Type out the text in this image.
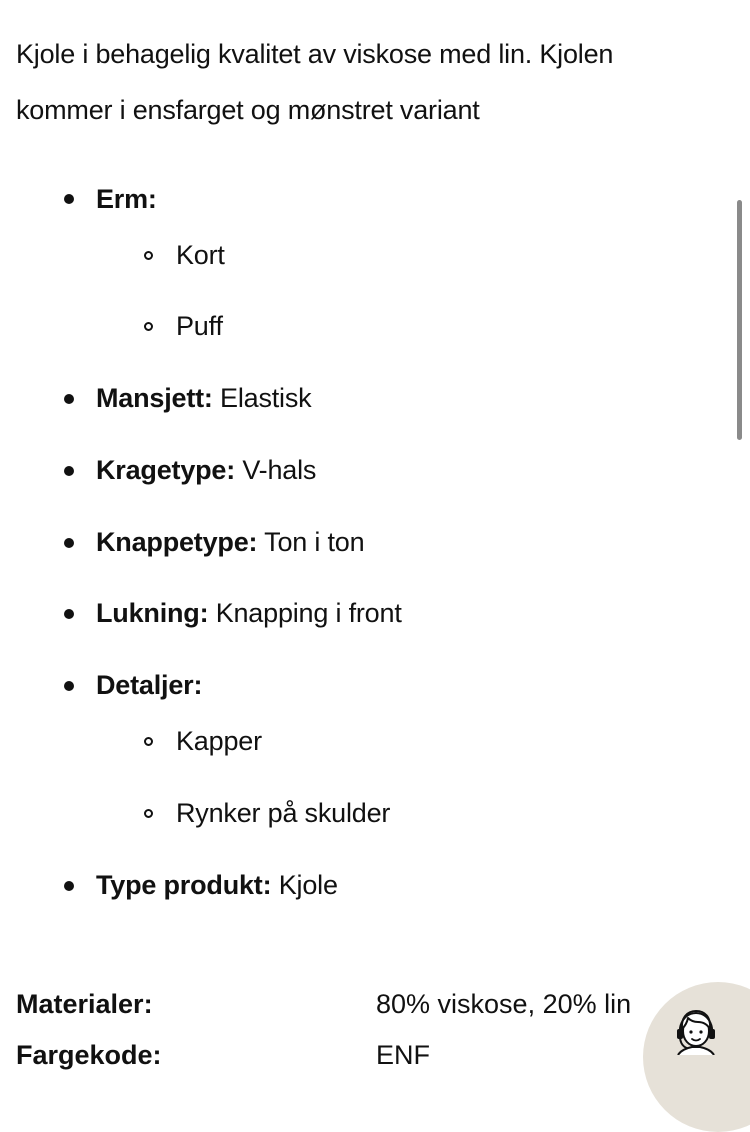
Kjole i behagelig kvalitet av viskose med lin. Kjolen kommer i ensfarget og mønstret variant

Erm:
Kort
Puff
Mansjett: Elastisk
Kragetype: V-hals
Knappetype: Ton i ton
Lukning: Knapping i front
Detaljer:
Kapper
Rynker på skulder
Type produkt: Kjole
Materialer:	80% viskose, 20% lin
Fargekode:	ENF
